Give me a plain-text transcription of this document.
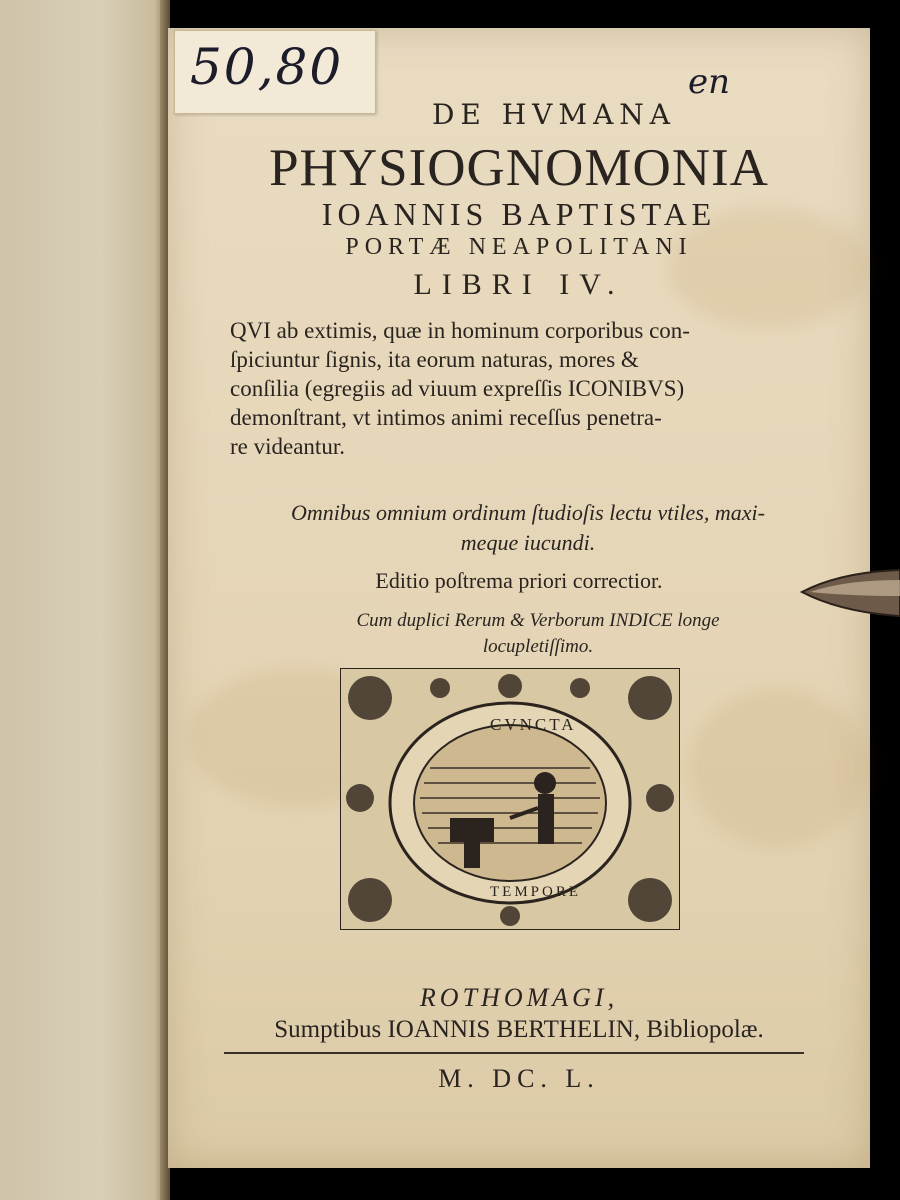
DE HVMANA
PHYSIOGNOMONIA
IOANNIS BAPTISTAE
PORTÆ NEAPOLITANI
LIBRI IV.
QVI ab extimis, quæ in hominum corporibus con-
ſpiciuntur ſignis, ita eorum naturas, mores &
conſilia (egregiis ad viuum expreſſis ICONIBVS)
demonſtrant, vt intimos animi receſſus penetra-
re videantur.
Omnibus omnium ordinum ſtudioſis lectu vtiles, maxi-
meque iucundi.
Editio poſtrema priori correctior.
Cum duplici Rerum & Verborum INDICE longe
locupletiſſimo.
CVNCTA
TEMPORE
ROTHOMAGI,
Sumptibus IOANNIS BERTHELIN, Bibliopolæ.
M. DC. L.
50,80	en
